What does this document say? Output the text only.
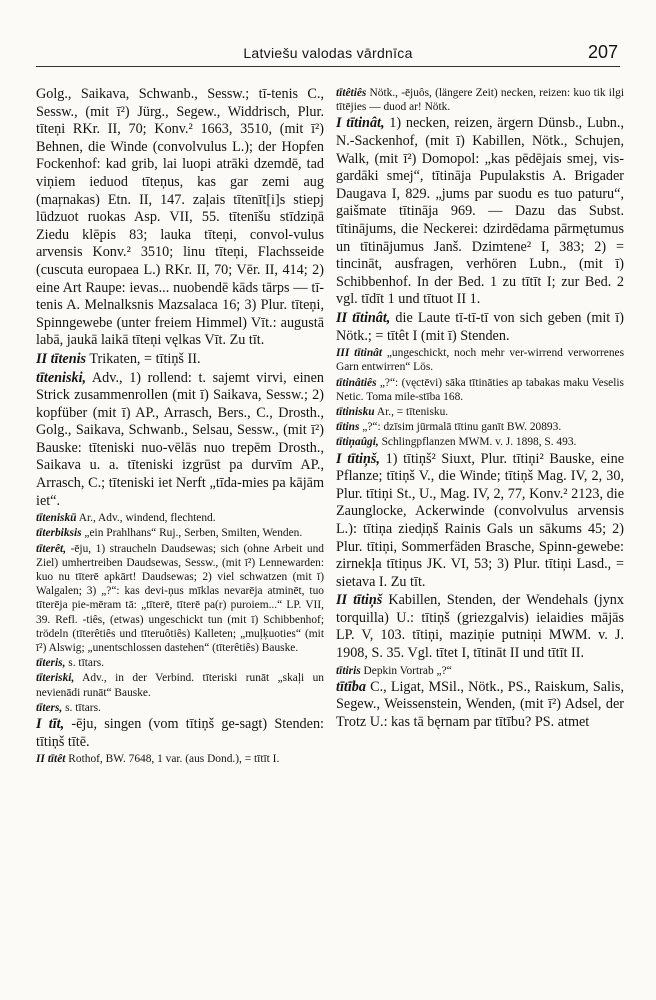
Latviešu valodas vārdnīca	207

Golg., Saikava, Schwanb., Sessw.; tī-tenis C., Sessw., (mit ī²) Jürg., Segew., Widdrisch, Plur. tīteņi RKr. II, 70; Konv.² 1663, 3510, (mit ī²) Behnen, die Winde (convolvulus L.); der Hopfen Fockenhof: kad grib, lai luopi atrāki dzemdē, tad viņiem ieduod tīteņus, kas gar zemi aug (maŗnakas) Etn. II, 147. zaļais tītenīt[i]s stiepj lūdzuot ruokas Asp. VII, 55. tītenīšu stīdziņā Ziedu klēpis 83; lauka tīteņi, convol-vulus arvensis Konv.² 3510; linu tīteņi, Flachsseide (cuscuta europaea L.) RKr. II, 70; Vēr. II, 414; 2) eine Art Raupe: ievas... nuobendē kāds tārps — tī-tenis A. Melnalksnis Mazsalaca 16; 3) Plur. tīteņi, Spinngewebe (unter freiem Himmel) Vīt.: augustā labā, jaukā laikā tīteņi vęlkas Vīt. Zu tīt.

II tītenis Trikaten, = tītiņš II.

tīteniski, Adv., 1) rollend: t. sajemt virvi, einen Strick zusammenrollen (mit ī) Saikava, Sessw.; 2) kopfüber (mit ī) AP., Arrasch, Bers., C., Drosth., Golg., Saikava, Schwanb., Selsau, Sessw., (mit ī²) Bauske: tīteniski nuo-vēlās nuo trepēm Drosth., Saikava u. a. tīteniski izgrūst pa durvīm AP., Arrasch, C.; tīteniski iet Nerft „tīda-mies pa kājām iet“.

tīteniskū Ar., Adv., windend, flechtend.

tīterbiksis „ein Prahlhans“ Ruj., Serben, Smilten, Wenden.

tīterêt, -ēju, 1) straucheln Daudsewas; sich (ohne Arbeit und Ziel) umhertreiben Daudsewas, Sessw., (mit ī²) Lennewarden: kuo nu tīterē apkārt! Daudsewas; 2) viel schwatzen (mit ī) Walgalen; 3) „?“: kas devi-ņus mīklas nevarēja atminēt, tuo tīterēja pie-mēram tā: „tīterē, tīterē pa(r) puroiem...“ LP. VII, 39. Refl. -tiês, (etwas) ungeschickt tun (mit ī) Schibbenhof; trödeln (tīterêtiês und tīteruôtiês) Kalleten; „muļķuoties“ (mit ī²) Alswig; „unentschlossen dastehen“ (tīterêtiês) Bauske.

tīteris, s. tītars.

tīteriski, Adv., in der Verbind. tīteriski runāt „skaļi un nevienādi runāt“ Bauske.

tīters, s. tītars.

I tīt, -ēju, singen (vom tītiņš ge-sagt) Stenden: tītiņš tītē.

II tītêt Rothof, BW. 7648, 1 var. (aus Dond.), = tītīt I.

tītêtiês Nötk., -ējuôs, (längere Zeit) necken, reizen: kuo tik ilgi tītējies — duod ar! Nötk.

I tītinât, 1) necken, reizen, ärgern Dünsb., Lubn., N.-Sackenhof, (mit ī) Kabillen, Nötk., Schujen, Walk, (mit ī²) Domopol: „kas pēdējais smej, vis-gardāki smej“, tītināja Pupulakstis A. Brigader Daugava I, 829. „jums par suodu es tuo paturu“, gaišmate tītināja 969. — Dazu das Subst. tītinājums, die Neckerei: dzirdēdama pārmętumus un tītinājumus Janš. Dzimtene² I, 383; 2) = tincināt, ausfragen, verhören Lubn., (mit ī) Schibbenhof. In der Bed. 1 zu tītīt I; zur Bed. 2 vgl. tīdīt 1 und tītuot II 1.

II tītinât, die Laute tī-tī-tī von sich geben (mit ī) Nötk.; = tītêt I (mit ī) Stenden.

III tītinât „ungeschickt, noch mehr ver-wirrend verworrenes Garn entwirren“ Lös.

tītinâtiês „?“: (vęctēvi) sāka tītināties ap tabakas maku Veselis Netic. Toma mile-stība 168.

tītinisku Ar., = tītenisku.

tītins „?“: dzīsim jūrmalā tītinu ganīt BW. 20893.

tītiņaûgi, Schlingpflanzen MWM. v. J. 1898, S. 493.

I tītiņš, 1) tītiņš² Siuxt, Plur. tītiņi² Bauske, eine Pflanze; tītiņš V., die Winde; tītiņš Mag. IV, 2, 30, Plur. tītiņi St., U., Mag. IV, 2, 77, Konv.² 2123, die Zaunglocke, Ackerwinde (convolvulus arvensis L.): tītiņa zied̦iņš Rainis Gals un sākums 45; 2) Plur. tītiņi, Sommerfäden Brasche, Spinn-gewebe: zirnekļa tītiņus JK. VI, 53; 3) Plur. tītiņi Lasd., = sietava I. Zu tīt.

II tītiņš Kabillen, Stenden, der Wendehals (jynx torquilla) U.: tītiņš (griezgalvis) ielaidies mājās LP. V, 103. tītiņi, maziņie putniņi MWM. v. J. 1908, S. 35. Vgl. tītet I, tītināt II und tītīt II.

tītiris Depkin Vortrab „?“

tītība C., Ligat, MSil., Nötk., PS., Raiskum, Salis, Segew., Weissenstein, Wenden, (mit ī²) Adsel, der Trotz U.: kas tā bęrnam par tītību? PS. atmet
